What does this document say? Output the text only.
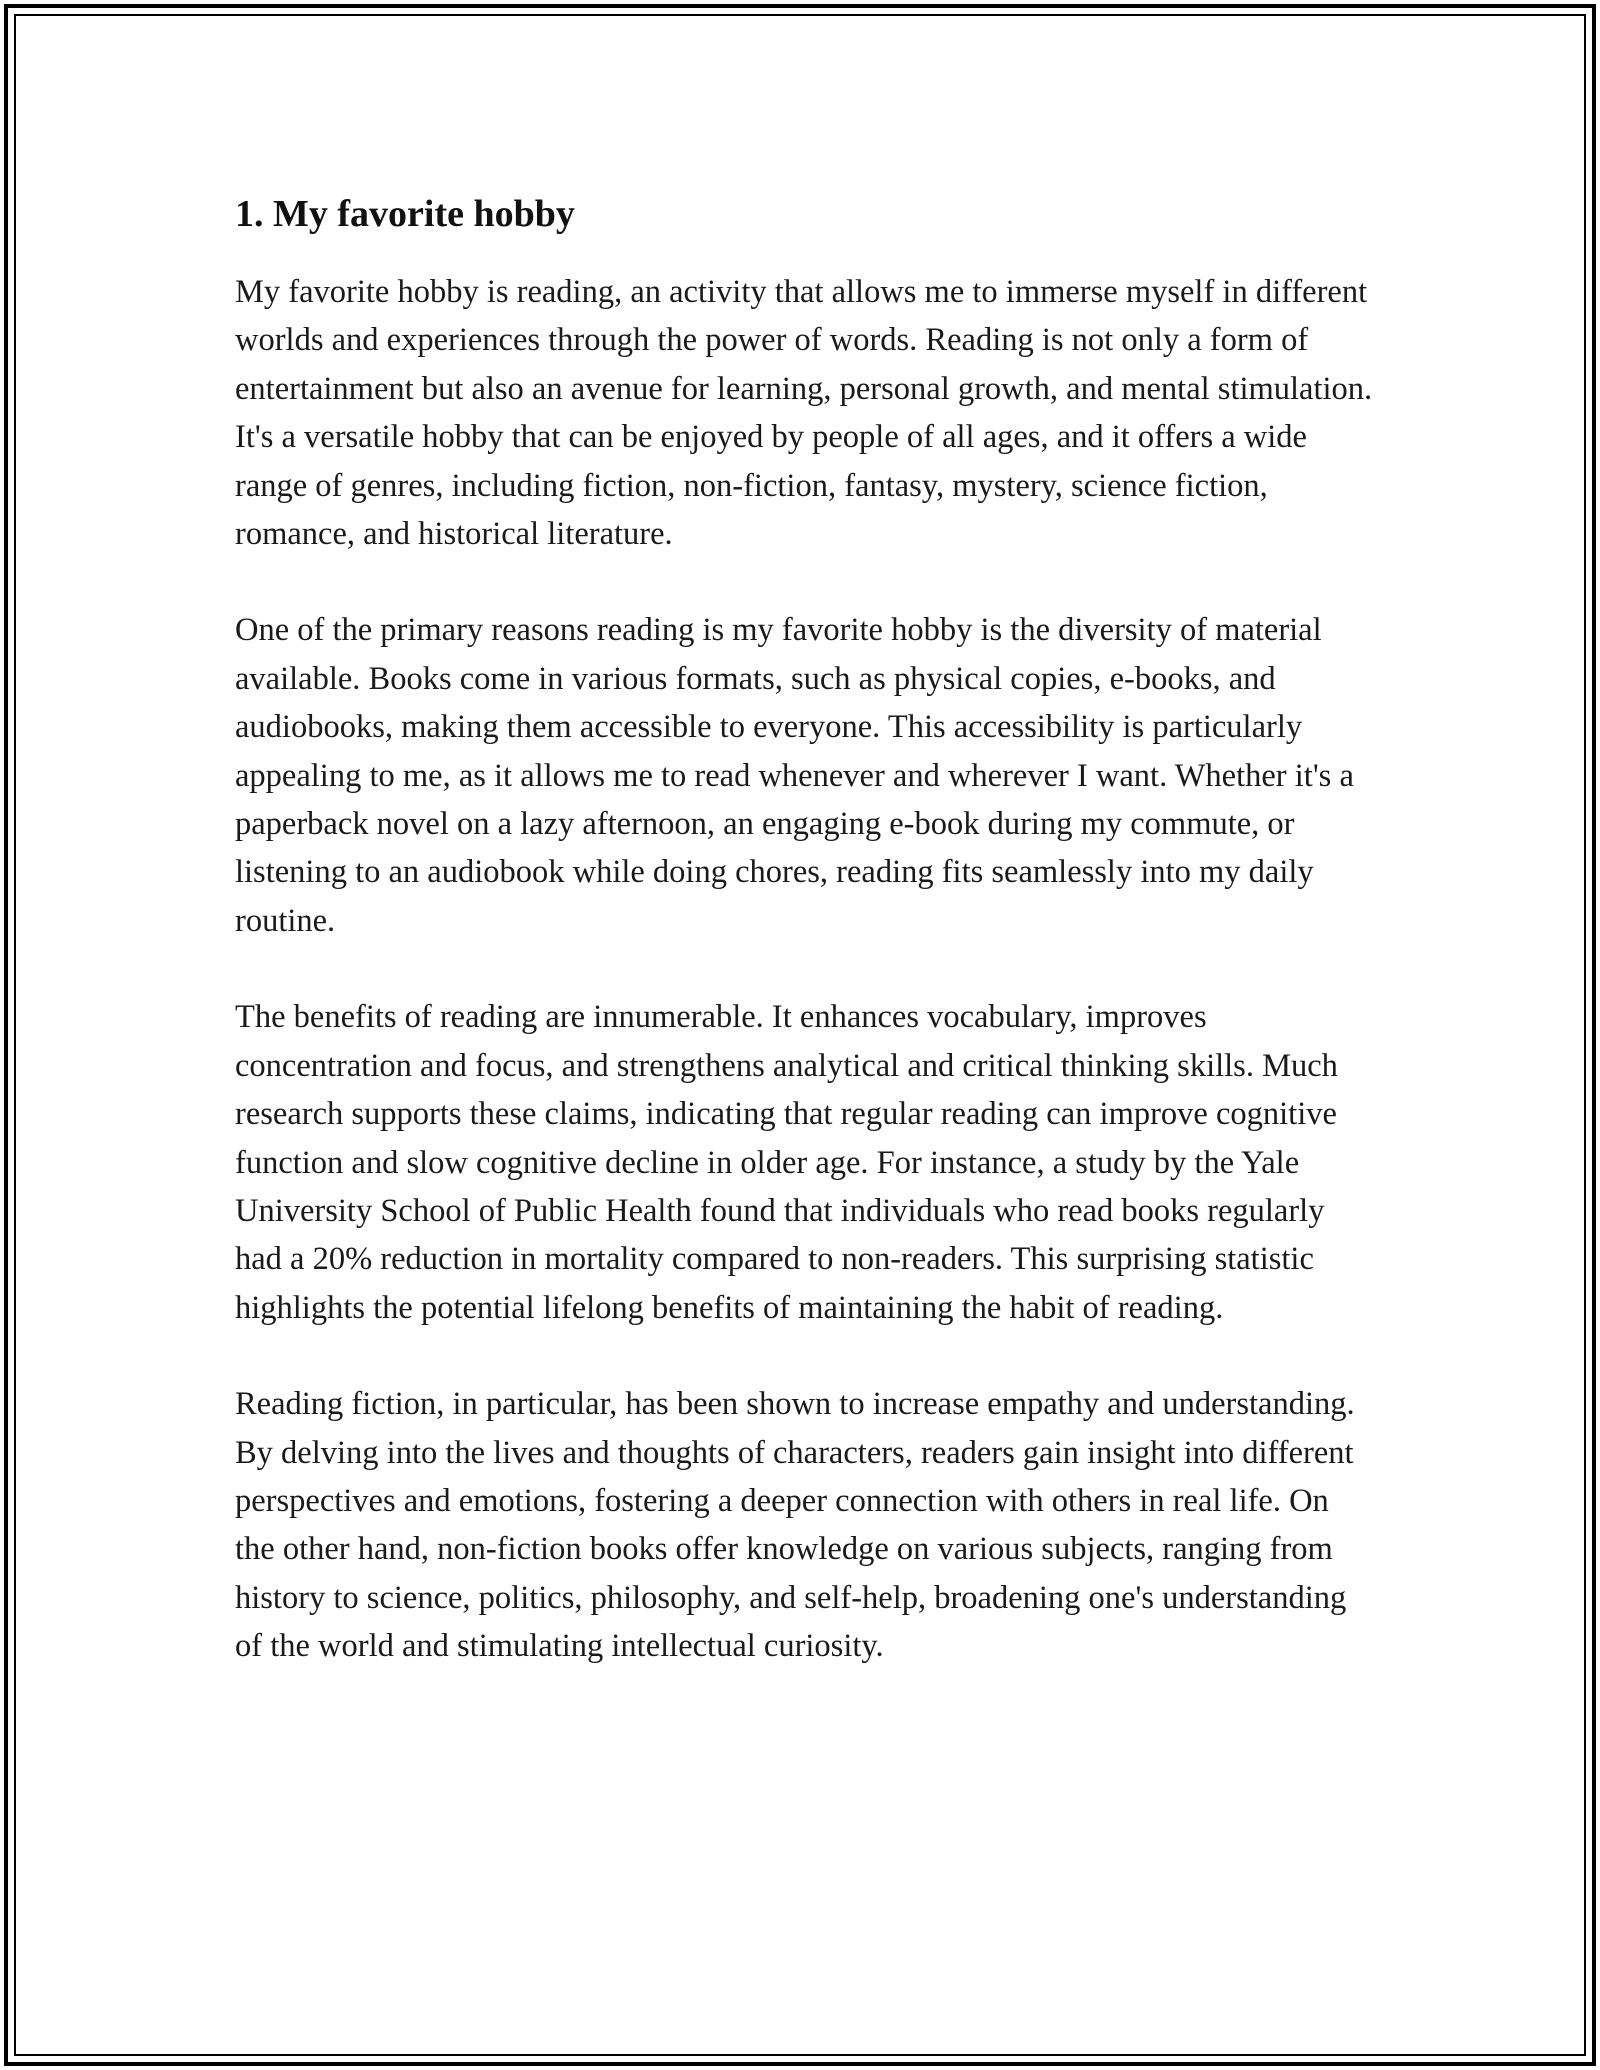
1. My favorite hobby

My favorite hobby is reading, an activity that allows me to immerse myself in different worlds and experiences through the power of words. Reading is not only a form of entertainment but also an avenue for learning, personal growth, and mental stimulation. It's a versatile hobby that can be enjoyed by people of all ages, and it offers a wide range of genres, including fiction, non-fiction, fantasy, mystery, science fiction, romance, and historical literature.

One of the primary reasons reading is my favorite hobby is the diversity of material available. Books come in various formats, such as physical copies, e-books, and audiobooks, making them accessible to everyone. This accessibility is particularly appealing to me, as it allows me to read whenever and wherever I want. Whether it's a paperback novel on a lazy afternoon, an engaging e-book during my commute, or listening to an audiobook while doing chores, reading fits seamlessly into my daily routine.

The benefits of reading are innumerable. It enhances vocabulary, improves concentration and focus, and strengthens analytical and critical thinking skills. Much research supports these claims, indicating that regular reading can improve cognitive function and slow cognitive decline in older age. For instance, a study by the Yale University School of Public Health found that individuals who read books regularly had a 20% reduction in mortality compared to non-readers. This surprising statistic highlights the potential lifelong benefits of maintaining the habit of reading.

Reading fiction, in particular, has been shown to increase empathy and understanding. By delving into the lives and thoughts of characters, readers gain insight into different perspectives and emotions, fostering a deeper connection with others in real life. On the other hand, non-fiction books offer knowledge on various subjects, ranging from history to science, politics, philosophy, and self-help, broadening one's understanding of the world and stimulating intellectual curiosity.
